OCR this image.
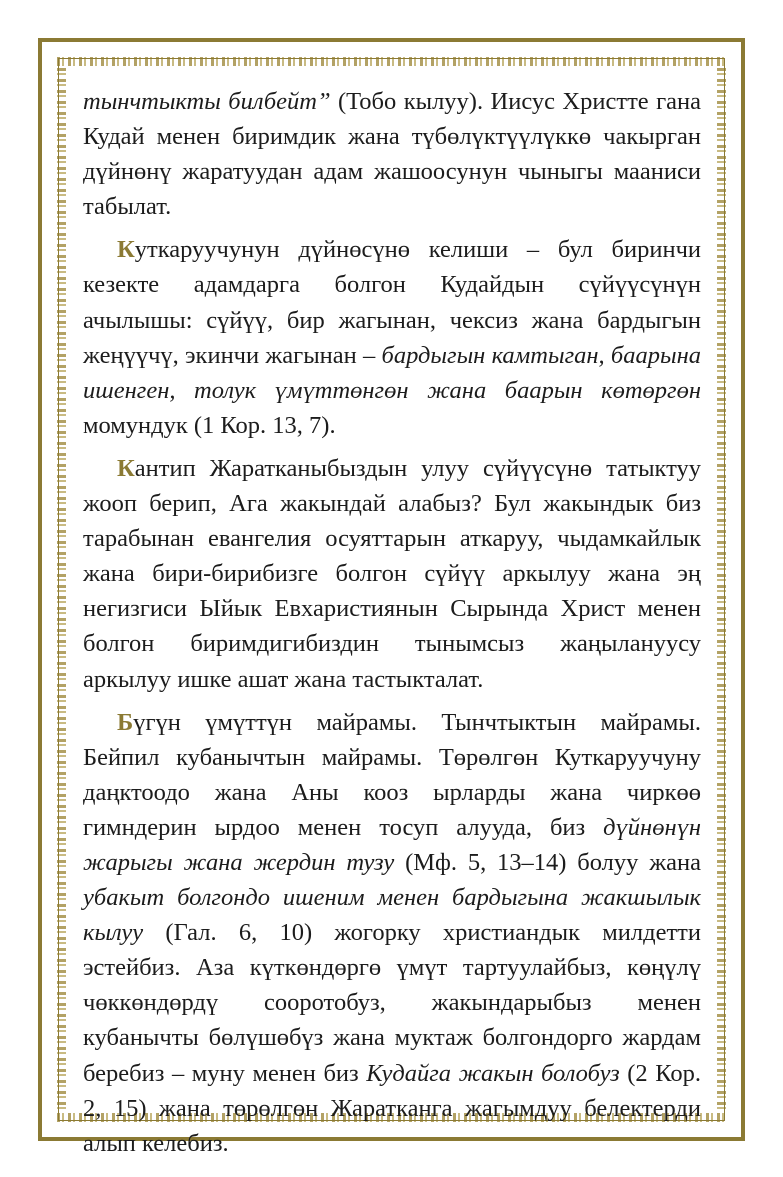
тынчтыкты билбейт” (Тобо кылуу). Иисус Христте гана Кудай менен биримдик жана түбөлүктүүлүккө чакырган дүйнөнү жаратуудан адам жашоосунун чыныгы мааниси табылат.

Куткаруучунун дүйнөсүнө келиши – бул биринчи кезекте адамдарга болгон Кудайдын сүйүүсүнүн ачылышы: сүйүү, бир жагынан, чексиз жана бардыгын жеңүүчү, экинчи жагынан – бардыгын камтыган, баарына ишенген, толук үмүттөнгөн жана баарын көтөргөн момундук (1 Кор. 13, 7).

Кантип Жаратканыбыздын улуу сүйүүсүнө татыктуу жооп берип, Ага жакындай алабыз? Бул жакындык биз тарабынан евангелия осуяттарын аткаруу, чыдамкайлык жана бири-бирибизге болгон сүйүү аркылуу жана эң негизгиси Ыйык Евхаристиянын Сырында Христ менен болгон биримдигибиздин тынымсыз жаңылануусу аркылуу ишке ашат жана тастыкталат.

Бүгүн үмүттүн майрамы. Тынчтыктын майрамы. Бейпил кубанычтын майрамы. Төрөлгөн Куткаруучуну даңктоодо жана Аны кооз ырларды жана чиркөө гимндерин ырдоо менен тосуп алууда, биз дүйнөнүн жарыгы жана жердин тузу (Мф. 5, 13–14) болуу жана убакыт болгондо ишеним менен бардыгына жакшылык кылуу (Гал. 6, 10) жогорку христиандык милдетти эстейбиз. Аза күткөндөргө үмүт тартуулайбыз, көңүлү чөккөндөрдү сооротобуз, жакындарыбыз менен кубанычты бөлүшөбүз жана муктаж болгондорго жардам беребиз – муну менен биз Кудайга жакын болобуз (2 Кор. 2, 15) жана төрөлгөн Жаратканга жагымдуу белектерди алып келебиз.
